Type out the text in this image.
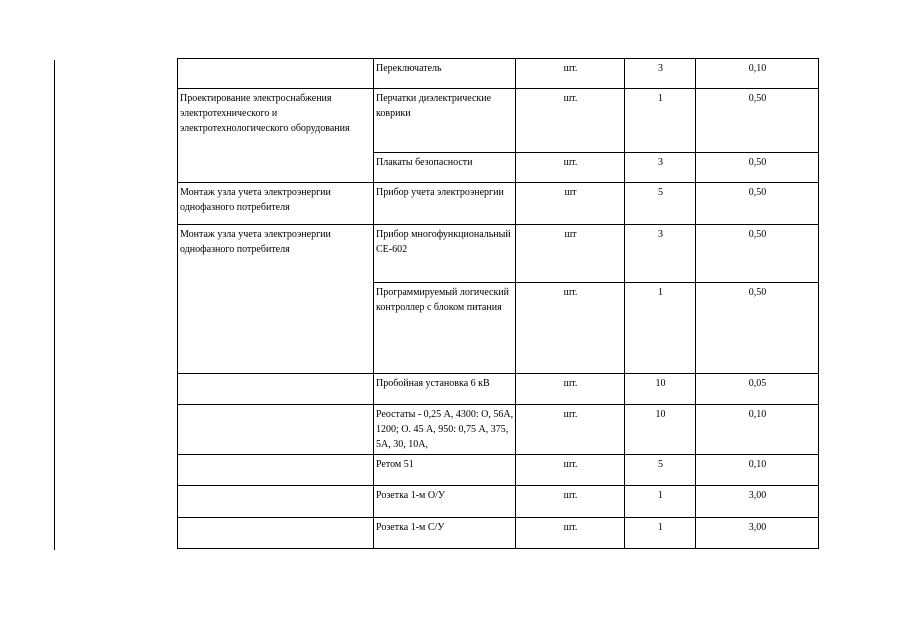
	Переключатель	шт.	3	0,10
Проектирование электроснабжения электротехнического и электротехнологического оборудования	Перчатки диэлектрические коврики	шт.	1	0,50
	Плакаты безопасности	шт.	3	0,50
Монтаж узла учета электроэнергии однофазного потребителя	Прибор учета электроэнергии	шт	5	0,50
Монтаж узла учета электроэнергии однофазного потребителя	Прибор многофункциональный СЕ-602	шт	3	0,50
	Программируемый логический контроллер с блоком питания	шт.	1	0,50
	Пробойная установка 6 кВ	шт.	10	0,05
	Реостаты - 0,25 А, 4300: О, 56А, 1200; О. 45 А, 950: 0,75 А, 375, 5А, 30, 10А,	шт.	10	0,10
	Ретом 51	шт.	5	0,10
	Розетка 1-м О/У	шт.	1	3,00
	Розетка 1-м С/У	шт.	1	3,00
